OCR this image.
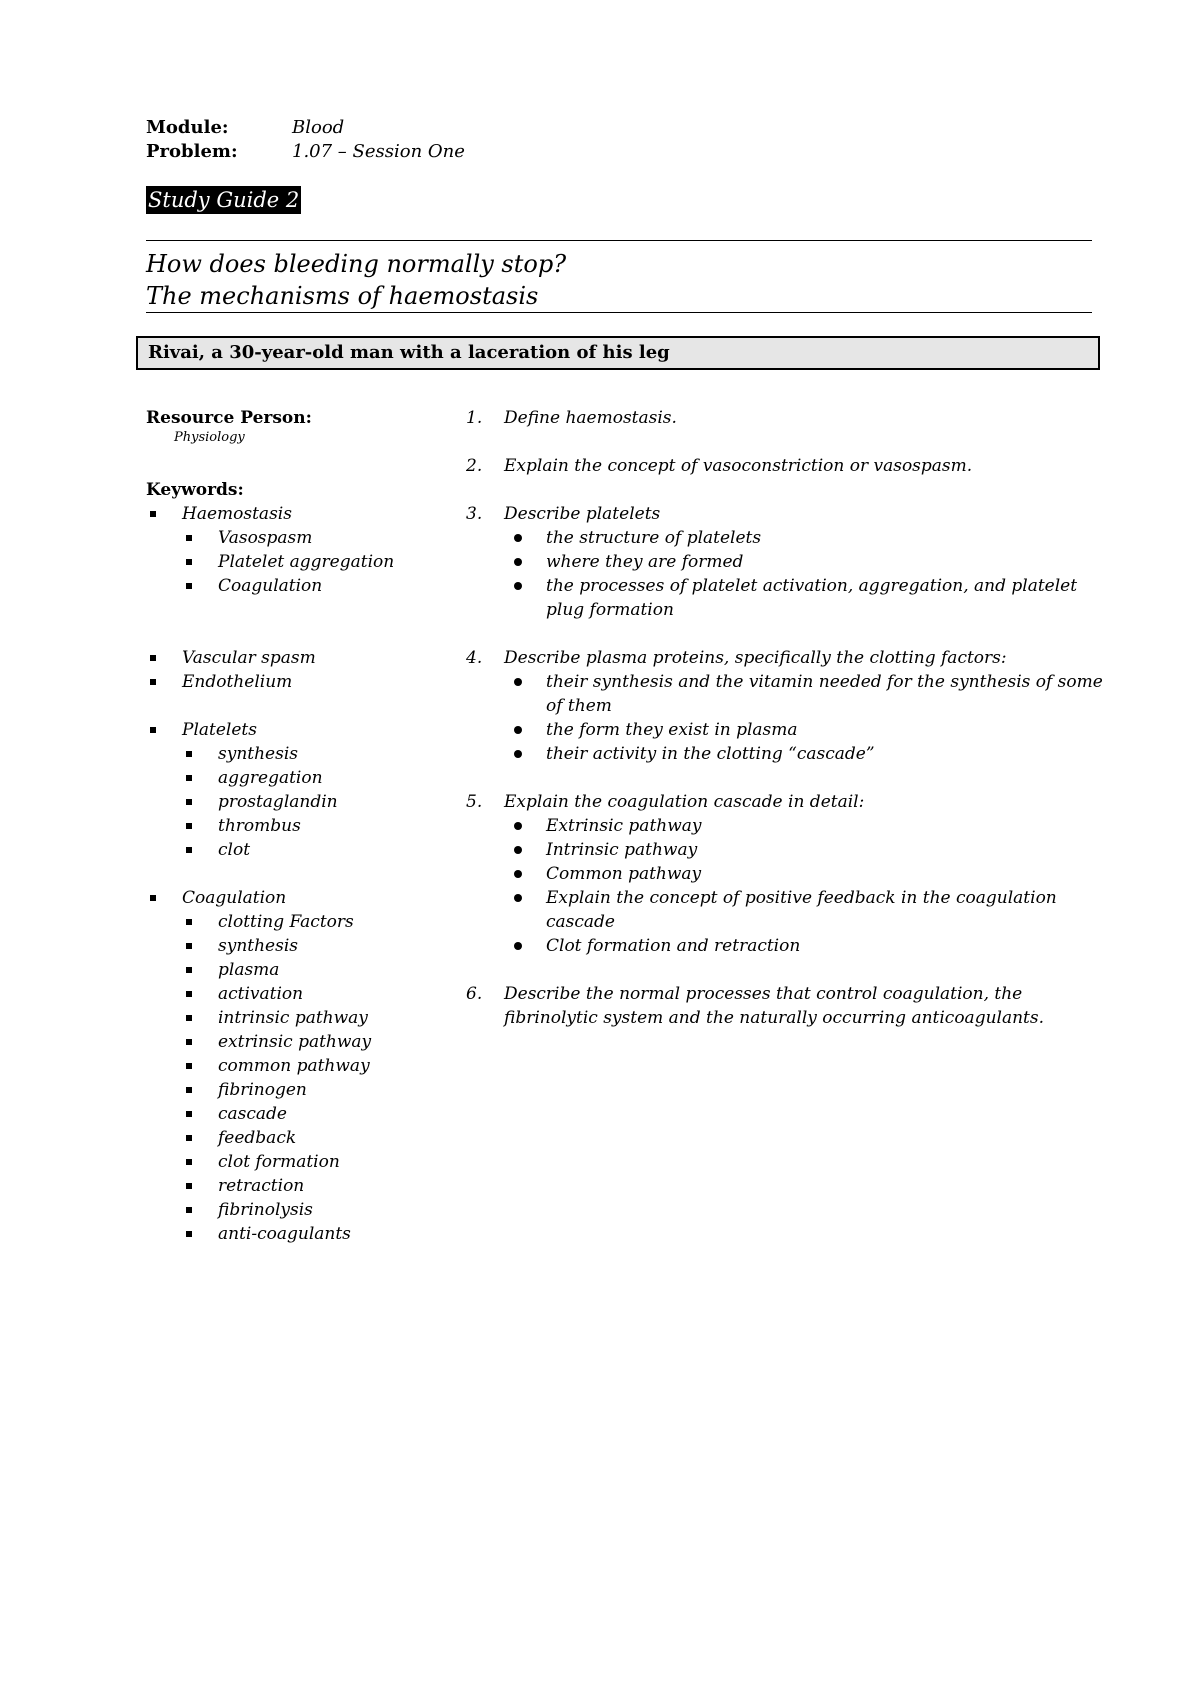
Module:	Blood
Problem:	1.07 – Session One
Study Guide 2
How does bleeding normally stop?
The mechanisms of haemostasis
Rivai, a 30-year-old man with a laceration of his leg
Resource Person:
Physiology
Keywords:
Haemostasis
Vasospasm
Platelet aggregation
Coagulation
Vascular spasm
Endothelium
Platelets
synthesis
aggregation
prostaglandin
thrombus
clot
Coagulation
clotting Factors
synthesis
plasma
activation
intrinsic pathway
extrinsic pathway
common pathway
fibrinogen
cascade
feedback
clot formation
retraction
fibrinolysis
anti-coagulants
1. Define haemostasis.
2. Explain the concept of vasoconstriction or vasospasm.
3. Describe platelets
the structure of platelets
where they are formed
the processes of platelet activation, aggregation, and platelet plug formation
4. Describe plasma proteins, specifically the clotting factors:
their synthesis and the vitamin needed for the synthesis of some of them
the form they exist in plasma
their activity in the clotting “cascade”
5. Explain the coagulation cascade in detail:
Extrinsic pathway
Intrinsic pathway
Common pathway
Explain the concept of positive feedback in the coagulation cascade
Clot formation and retraction
6. Describe the normal processes that control coagulation, the fibrinolytic system and the naturally occurring anticoagulants.
